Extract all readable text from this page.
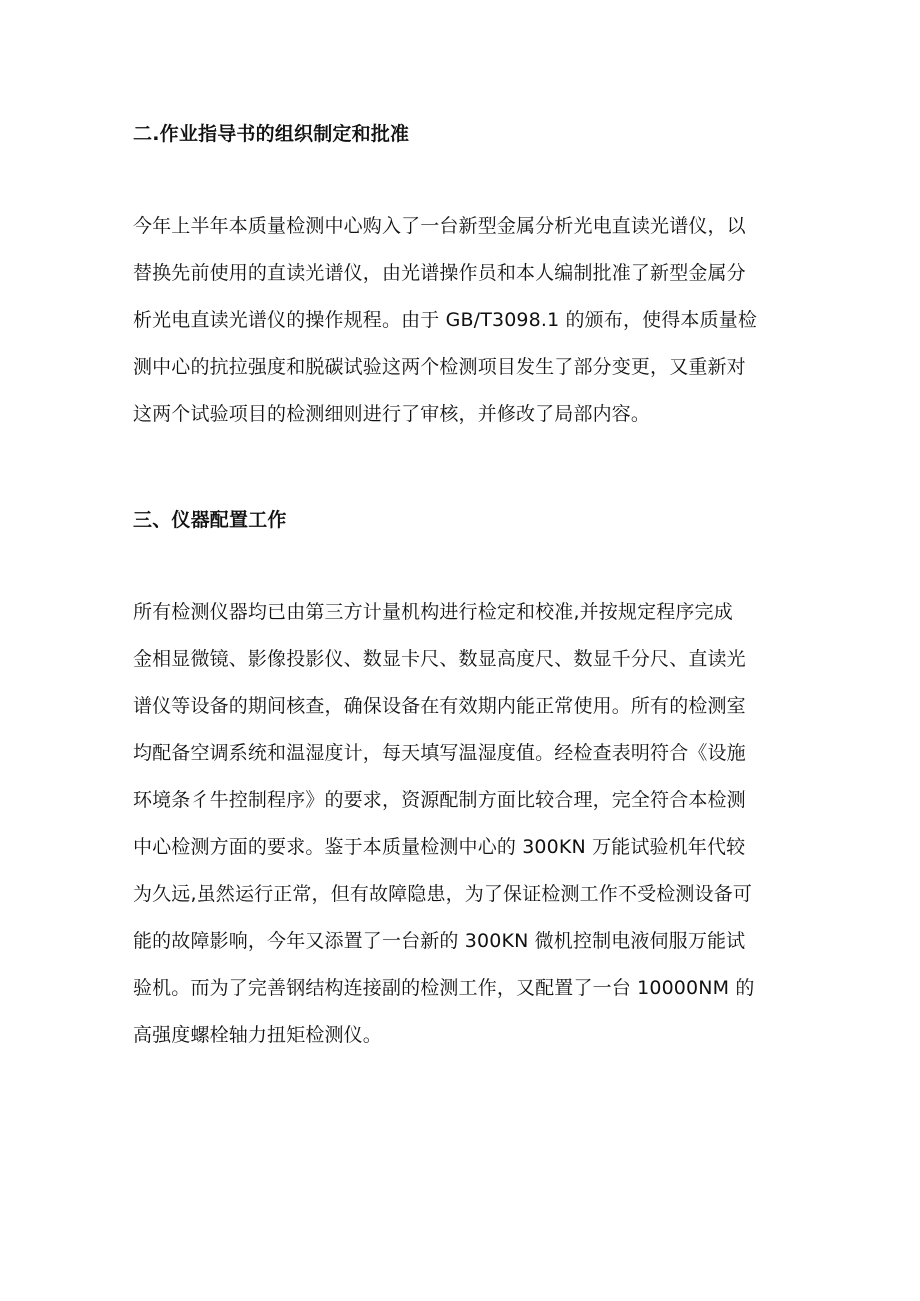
二.作业指导书的组织制定和批准
今年上半年本质量检测中心购入了一台新型金属分析光电直读光谱仪，以
替换先前使用的直读光谱仪，由光谱操作员和本人编制批准了新型金属分
析光电直读光谱仪的操作规程。由于 GB/T3098.1 的颁布，使得本质量检
测中心的抗拉强度和脱碳试验这两个检测项目发生了部分变更，又重新对
这两个试验项目的检测细则进行了审核，并修改了局部内容。
三、仪器配置工作
所有检测仪器均已由第三方计量机构进行检定和校准,并按规定程序完成
金相显微镜、影像投影仪、数显卡尺、数显高度尺、数显千分尺、直读光
谱仪等设备的期间核查，确保设备在有效期内能正常使用。所有的检测室
均配备空调系统和温湿度计，每天填写温湿度值。经检查表明符合《设施
环境条彳牛控制程序》的要求，资源配制方面比较合理，完全符合本检测
中心检测方面的要求。鉴于本质量检测中心的 300KN 万能试验机年代较
为久远,虽然运行正常，但有故障隐患，为了保证检测工作不受检测设备可
能的故障影响，今年又添置了一台新的 300KN 微机控制电液伺服万能试
验机。而为了完善钢结构连接副的检测工作，又配置了一台 10000NM 的
高强度螺栓轴力扭矩检测仪。
